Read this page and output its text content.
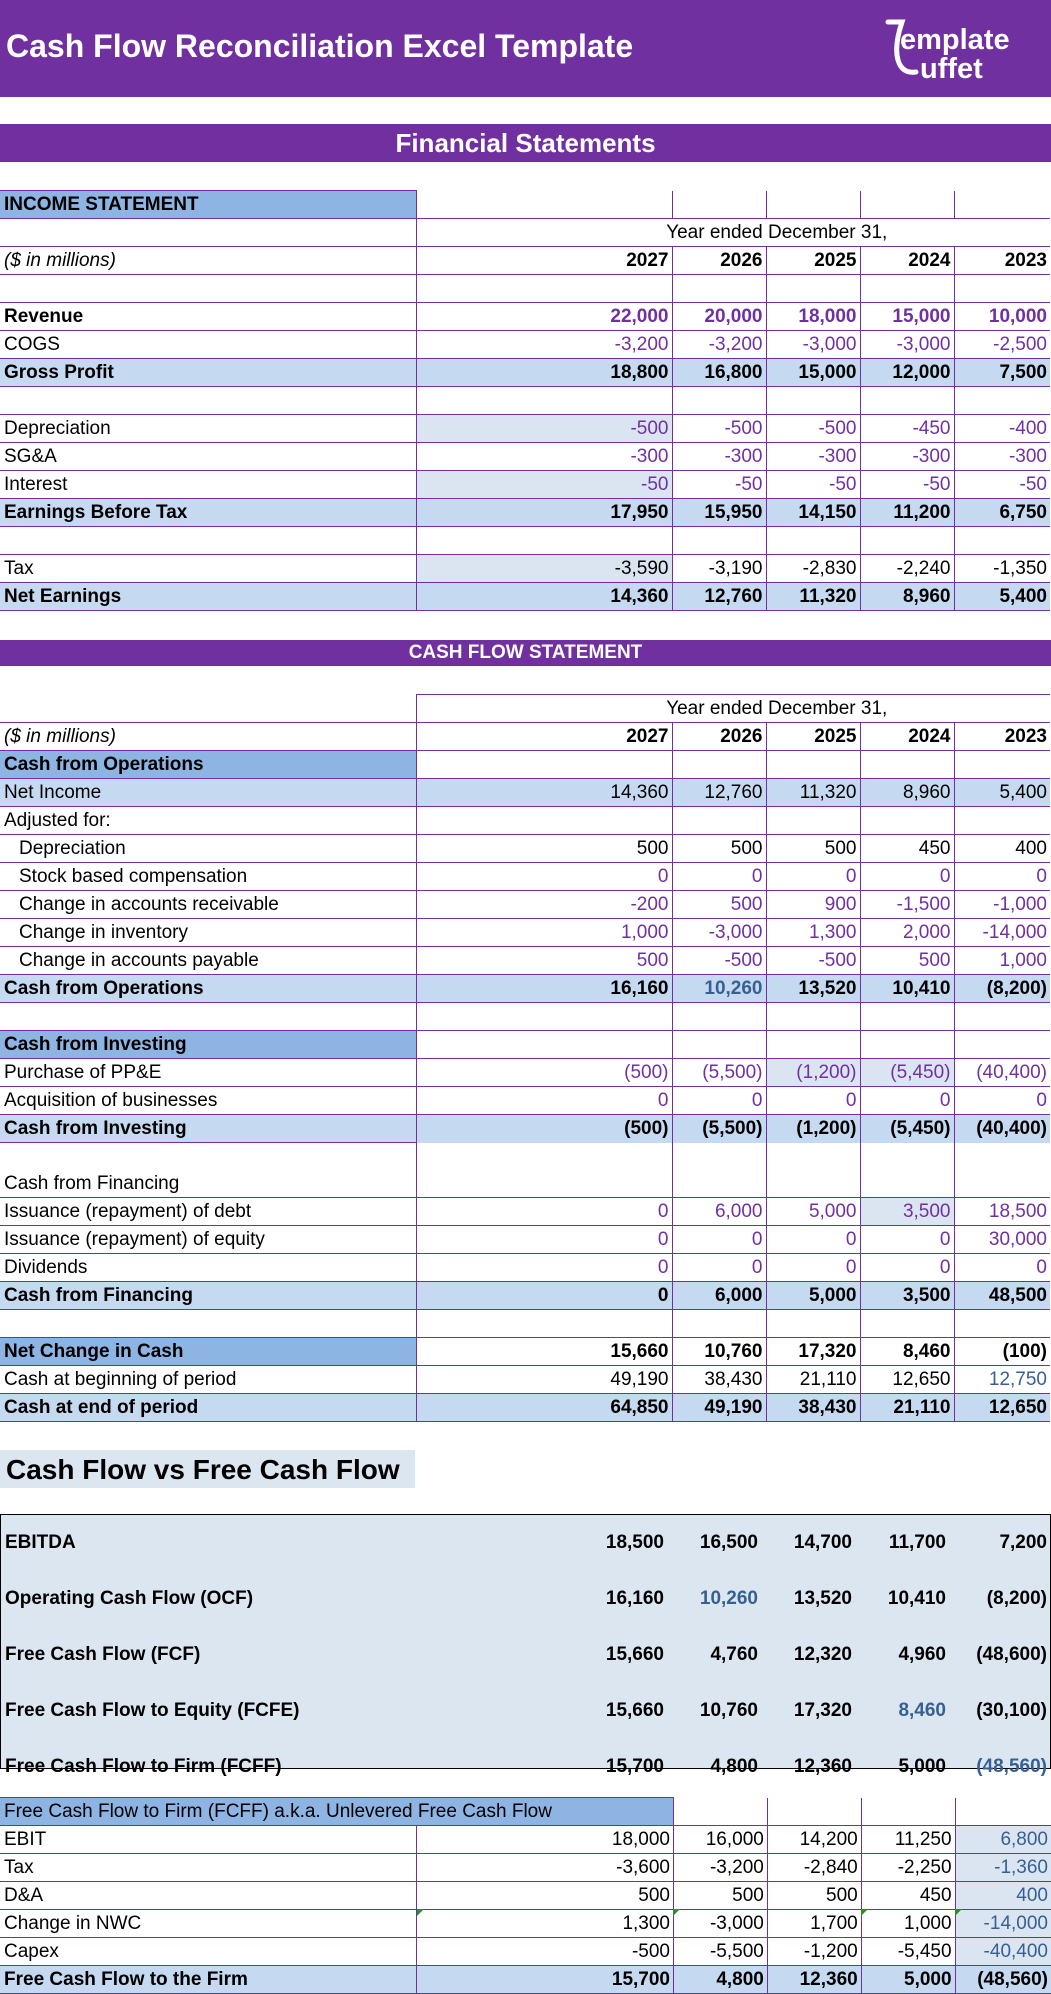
Cash Flow Reconciliation Excel Template	emplate
uffet
Financial Statements
INCOME STATEMENT					
	Year ended December 31,				
($ in millions)	2027	2026	2025	2024	2023

Revenue	22,000	20,000	18,000	15,000	10,000
COGS	-3,200	-3,200	-3,000	-3,000	-2,500
Gross Profit	18,800	16,800	15,000	12,000	7,500

Depreciation	-500	-500	-500	-450	-400
SG&A	-300	-300	-300	-300	-300
Interest	-50	-50	-50	-50	-50
Earnings Before Tax	17,950	15,950	14,150	11,200	6,750

Tax	-3,590	-3,190	-2,830	-2,240	-1,350
Net Earnings	14,360	12,760	11,320	8,960	5,400
CASH FLOW STATEMENT
	Year ended December 31,				
($ in millions)	2027	2026	2025	2024	2023
Cash from Operations					
Net Income	14,360	12,760	11,320	8,960	5,400
Adjusted for:					
Depreciation	500	500	500	450	400
Stock based compensation	0	0	0	0	0
Change in accounts receivable	-200	500	900	-1,500	-1,000
Change in inventory	1,000	-3,000	1,300	2,000	-14,000
Change in accounts payable	500	-500	-500	500	1,000
Cash from Operations	16,160	10,260	13,520	10,410	(8,200)

Cash from Investing					
Purchase of PP&E	(500)	(5,500)	(1,200)	(5,450)	(40,400)
Acquisition of businesses	0	0	0	0	0
Cash from Investing	(500)	(5,500)	(1,200)	(5,450)	(40,400)

Cash from Financing					
Issuance (repayment) of debt	0	6,000	5,000	3,500	18,500
Issuance (repayment) of equity	0	0	0	0	30,000
Dividends	0	0	0	0	0
Cash from Financing	0	6,000	5,000	3,500	48,500

Net Change in Cash	15,660	10,760	17,320	8,460	(100)
Cash at beginning of period	49,190	38,430	21,110	12,650	12,750
Cash at end of period	64,850	49,190	38,430	21,110	12,650
Cash Flow vs Free Cash Flow
EBITDA	18,500	16,500	14,700	11,700	7,200
Operating Cash Flow (OCF)	16,160	10,260	13,520	10,410	(8,200)
Free Cash Flow (FCF)	15,660	4,760	12,320	4,960	(48,600)
Free Cash Flow to Equity (FCFE)	15,660	10,760	17,320	8,460	(30,100)
Free Cash Flow to Firm (FCFF)	15,700	4,800	12,360	5,000	(48,560)
Free Cash Flow to Firm (FCFF) a.k.a. Unlevered Free Cash Flow					

EBIT	18,000	16,000	14,200	11,250	6,800
Tax	-3,600	-3,200	-2,840	-2,250	-1,360
D&A	500	500	500	450	400
Change in NWC	1,300	-3,000	1,700	1,000	-14,000
Capex	-500	-5,500	-1,200	-5,450	-40,400
Free Cash Flow to the Firm	15,700	4,800	12,360	5,000	(48,560)
